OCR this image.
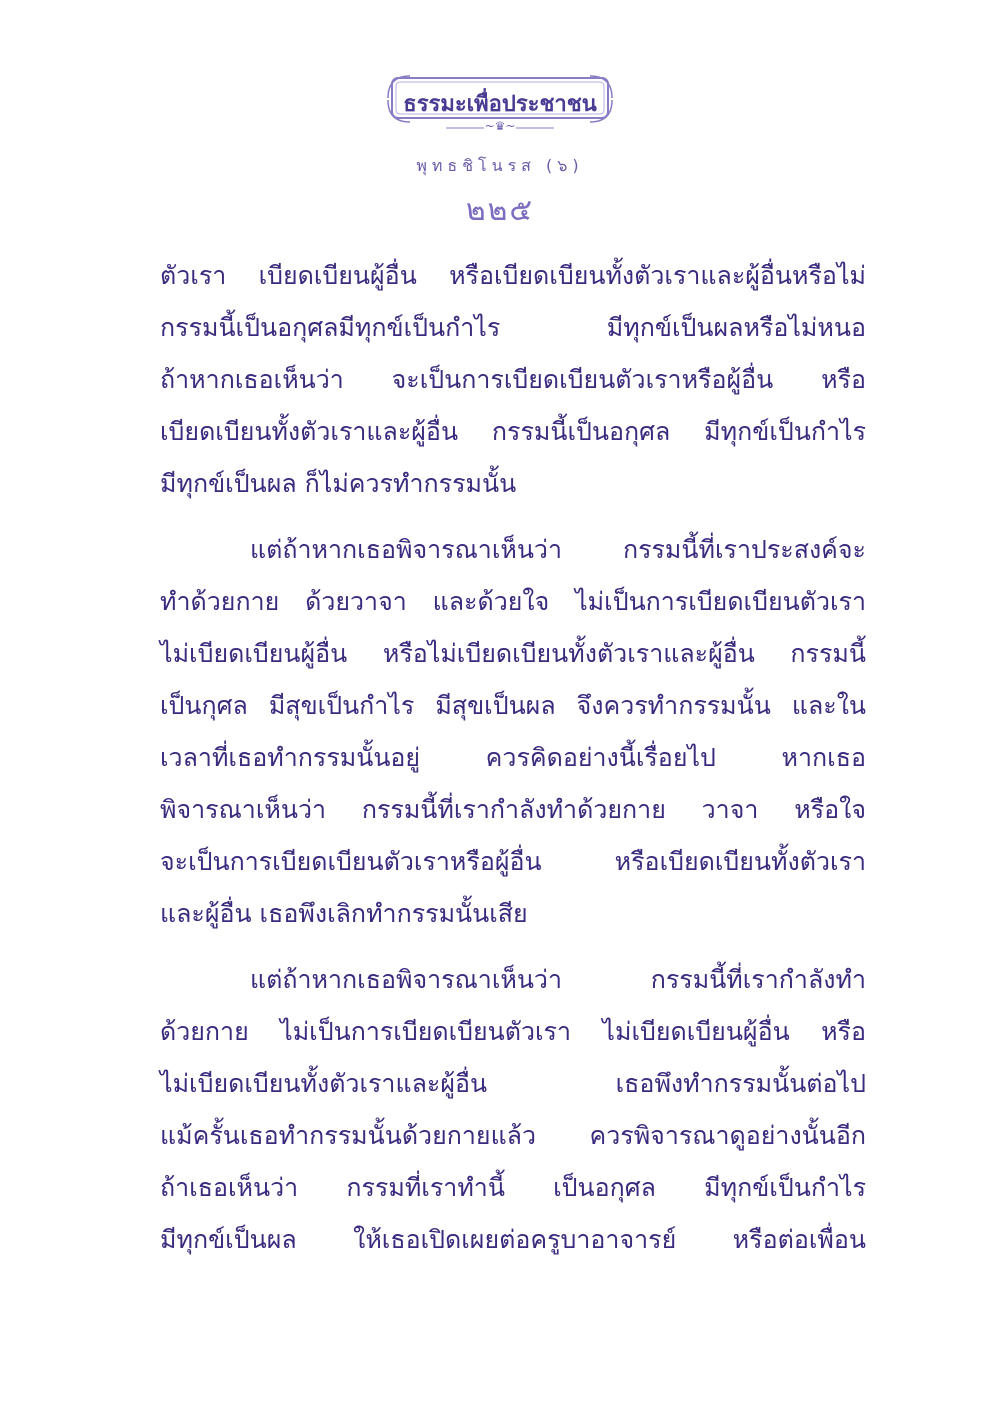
ธรรมะเพื่อประชาชน
~♛~
พุทธชิโนรส (๖)
๒๒๕
ตัวเรา เบียดเบียนผู้อื่น หรือเบียดเบียนทั้งตัวเราและผู้อื่นหรือไม่
กรรมนี้เป็นอกุศลมีทุกข์เป็นกำไร มีทุกข์เป็นผลหรือไม่หนอ
ถ้าหากเธอเห็นว่า จะเป็นการเบียดเบียนตัวเราหรือผู้อื่น หรือ
เบียดเบียนทั้งตัวเราและผู้อื่น กรรมนี้เป็นอกุศล มีทุกข์เป็นกำไร
มีทุกข์เป็นผล ก็ไม่ควรทำกรรมนั้น
แต่ถ้าหากเธอพิจารณาเห็นว่า กรรมนี้ที่เราประสงค์จะ
ทำด้วยกาย ด้วยวาจา และด้วยใจ ไม่เป็นการเบียดเบียนตัวเรา
ไม่เบียดเบียนผู้อื่น หรือไม่เบียดเบียนทั้งตัวเราและผู้อื่น กรรมนี้
เป็นกุศล มีสุขเป็นกำไร มีสุขเป็นผล จึงควรทำกรรมนั้น และใน
เวลาที่เธอทำกรรมนั้นอยู่ ควรคิดอย่างนี้เรื่อยไป หากเธอ
พิจารณาเห็นว่า กรรมนี้ที่เรากำลังทำด้วยกาย วาจา หรือใจ
จะเป็นการเบียดเบียนตัวเราหรือผู้อื่น หรือเบียดเบียนทั้งตัวเรา
และผู้อื่น เธอพึงเลิกทำกรรมนั้นเสีย
แต่ถ้าหากเธอพิจารณาเห็นว่า กรรมนี้ที่เรากำลังทำ
ด้วยกาย ไม่เป็นการเบียดเบียนตัวเรา ไม่เบียดเบียนผู้อื่น หรือ
ไม่เบียดเบียนทั้งตัวเราและผู้อื่น เธอพึงทำกรรมนั้นต่อไป
แม้ครั้นเธอทำกรรมนั้นด้วยกายแล้ว ควรพิจารณาดูอย่างนั้นอีก
ถ้าเธอเห็นว่า กรรมที่เราทำนี้ เป็นอกุศล มีทุกข์เป็นกำไร
มีทุกข์เป็นผล ให้เธอเปิดเผยต่อครูบาอาจารย์ หรือต่อเพื่อน
